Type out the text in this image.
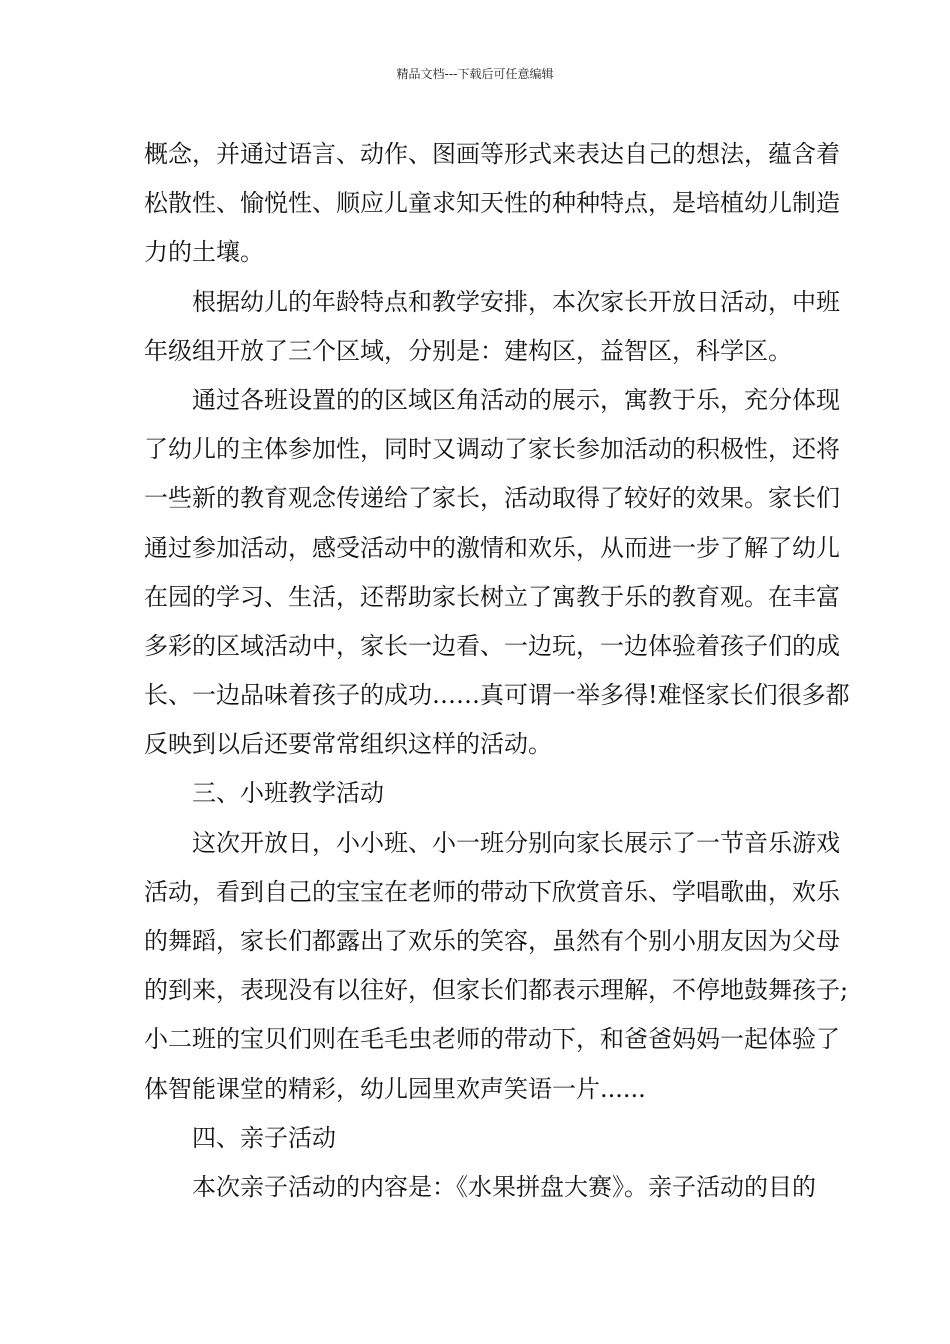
精品文档---下载后可任意编辑
概念，并通过语言、动作、图画等形式来表达自己的想法，蕴含着
松散性、愉悦性、顺应儿童求知天性的种种特点，是培植幼儿制造
力的土壤。
根据幼儿的年龄特点和教学安排，本次家长开放日活动，中班
年级组开放了三个区域，分别是：建构区，益智区，科学区。
通过各班设置的的区域区角活动的展示，寓教于乐，充分体现
了幼儿的主体参加性，同时又调动了家长参加活动的积极性，还将
一些新的教育观念传递给了家长，活动取得了较好的效果。家长们
通过参加活动，感受活动中的激情和欢乐，从而进一步了解了幼儿
在园的学习、生活，还帮助家长树立了寓教于乐的教育观。在丰富
多彩的区域活动中，家长一边看、一边玩，一边体验着孩子们的成
长、一边品味着孩子的成功……真可谓一举多得!难怪家长们很多都
反映到以后还要常常组织这样的活动。
三、小班教学活动
这次开放日，小小班、小一班分别向家长展示了一节音乐游戏
活动，看到自己的宝宝在老师的带动下欣赏音乐、学唱歌曲，欢乐
的舞蹈，家长们都露出了欢乐的笑容，虽然有个别小朋友因为父母
的到来，表现没有以往好，但家长们都表示理解，不停地鼓舞孩子;
小二班的宝贝们则在毛毛虫老师的带动下，和爸爸妈妈一起体验了
体智能课堂的精彩，幼儿园里欢声笑语一片......
四、亲子活动
本次亲子活动的内容是：《水果拼盘大赛》。亲子活动的目的
